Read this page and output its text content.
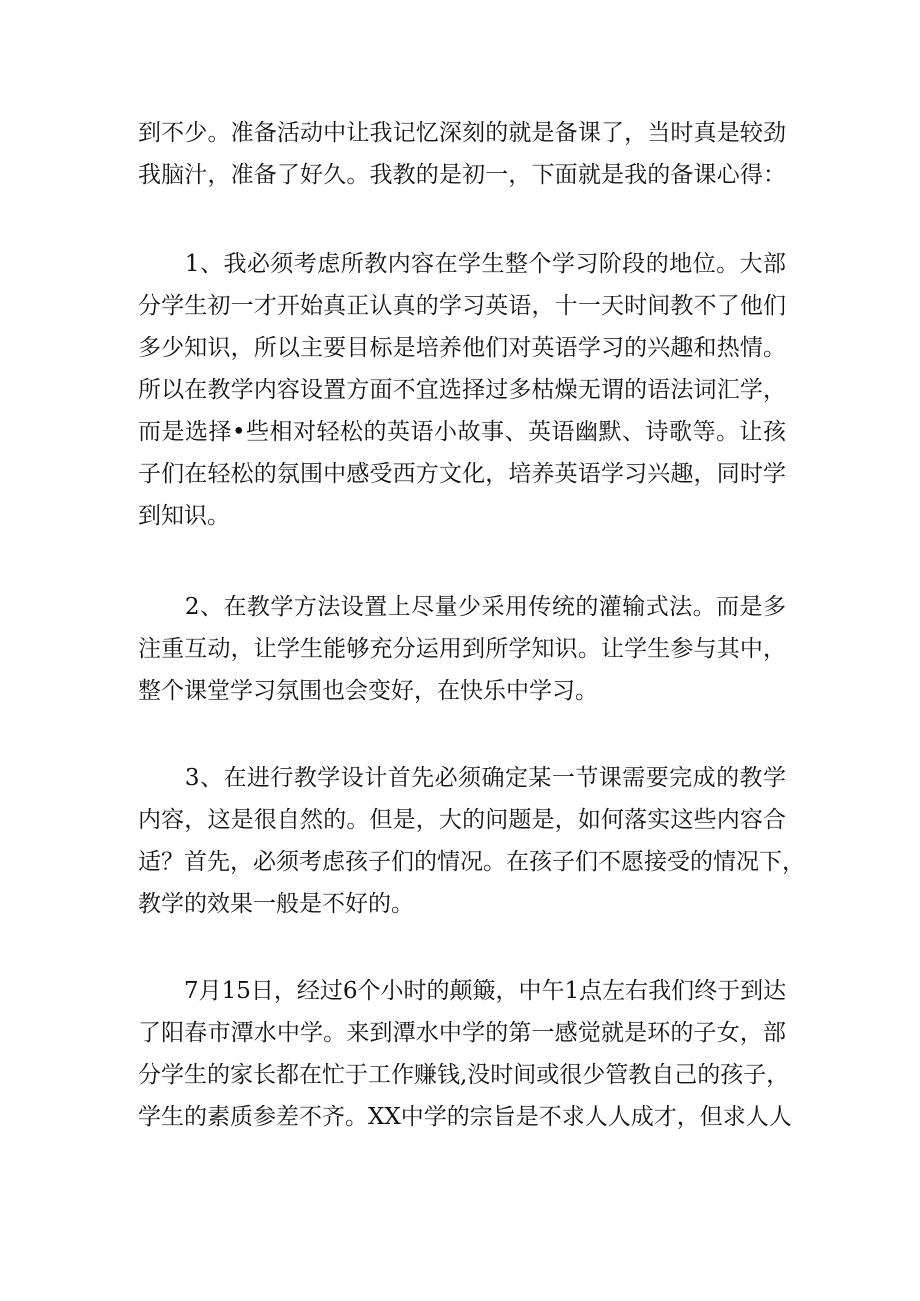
到不少。准备活动中让我记忆深刻的就是备课了，当时真是较劲
我脑汁，准备了好久。我教的是初一，下面就是我的备课心得：

　　1、我必须考虑所教内容在学生整个学习阶段的地位。大部
分学生初一才开始真正认真的学习英语，十一天时间教不了他们
多少知识，所以主要目标是培养他们对英语学习的兴趣和热情。
所以在教学内容设置方面不宜选择过多枯燥无谓的语法词汇学，
而是选择•些相对轻松的英语小故事、英语幽默、诗歌等。让孩
子们在轻松的氛围中感受西方文化，培养英语学习兴趣，同时学
到知识。

　　2、在教学方法设置上尽量少采用传统的灌输式法。而是多
注重互动，让学生能够充分运用到所学知识。让学生参与其中，
整个课堂学习氛围也会变好，在快乐中学习。

　　3、在进行教学设计首先必须确定某一节课需要完成的教学
内容，这是很自然的。但是，大的问题是，如何落实这些内容合
适？首先，必须考虑孩子们的情况。在孩子们不愿接受的情况下，
教学的效果一般是不好的。

　　7月15日，经过6个小时的颠簸，中午1点左右我们终于到达
了阳春市潭水中学。来到潭水中学的第一感觉就是环的子女，部
分学生的家长都在忙于工作赚钱,没时间或很少管教自己的孩子，
学生的素质参差不齐。XX中学的宗旨是不求人人成才，但求人人
